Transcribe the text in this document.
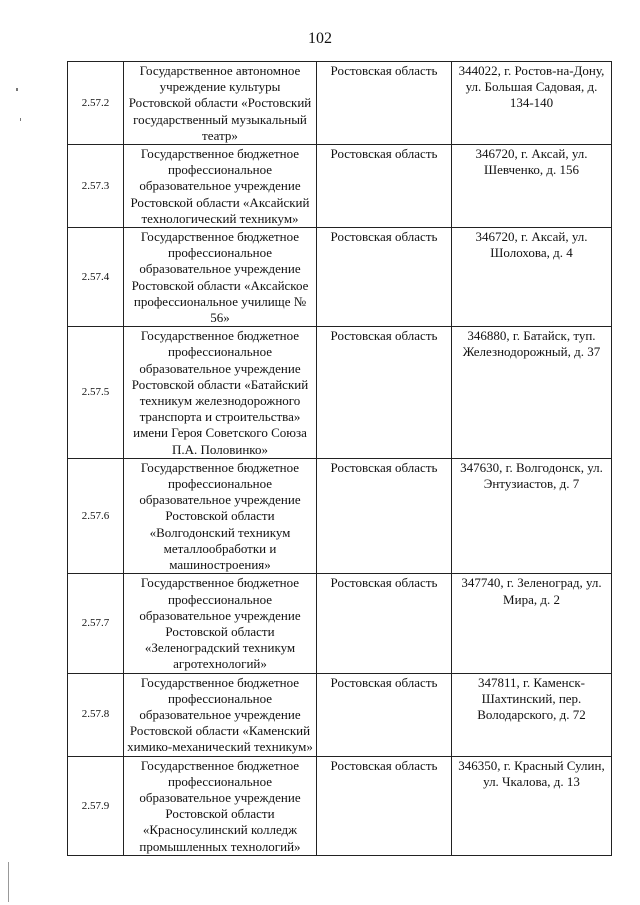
102
2.57.2	Государственное автономное учреждение культуры Ростовской области «Ростовский государственный музыкальный театр»	Ростовская область	344022, г. Ростов-на-Дону, ул. Большая Садовая, д. 134-140
2.57.3	Государственное бюджетное профессиональное образовательное учреждение Ростовской области «Аксайский технологический техникум»	Ростовская область	346720, г. Аксай, ул. Шевченко, д. 156
2.57.4	Государственное бюджетное профессиональное образовательное учреждение Ростовской области «Аксайское профессиональное училище № 56»	Ростовская область	346720, г. Аксай, ул. Шолохова, д. 4
2.57.5	Государственное бюджетное профессиональное образовательное учреждение Ростовской области «Батайский техникум железнодорожного транспорта и строительства» имени Героя Советского Союза П.А. Половинко»	Ростовская область	346880, г. Батайск, туп. Железнодорожный, д. 37
2.57.6	Государственное бюджетное профессиональное образовательное учреждение Ростовской области «Волгодонский техникум металлообработки и машиностроения»	Ростовская область	347630, г. Волгодонск, ул. Энтузиастов, д. 7
2.57.7	Государственное бюджетное профессиональное образовательное учреждение Ростовской области «Зеленоградский техникум агротехнологий»	Ростовская область	347740, г. Зеленоград, ул. Мира, д. 2
2.57.8	Государственное бюджетное профессиональное образовательное учреждение Ростовской области «Каменский химико-механический техникум»	Ростовская область	347811, г. Каменск-Шахтинский, пер. Володарского, д. 72
2.57.9	Государственное бюджетное профессиональное образовательное учреждение Ростовской области «Красносулинский колледж промышленных технологий»	Ростовская область	346350, г. Красный Сулин, ул. Чкалова, д. 13
